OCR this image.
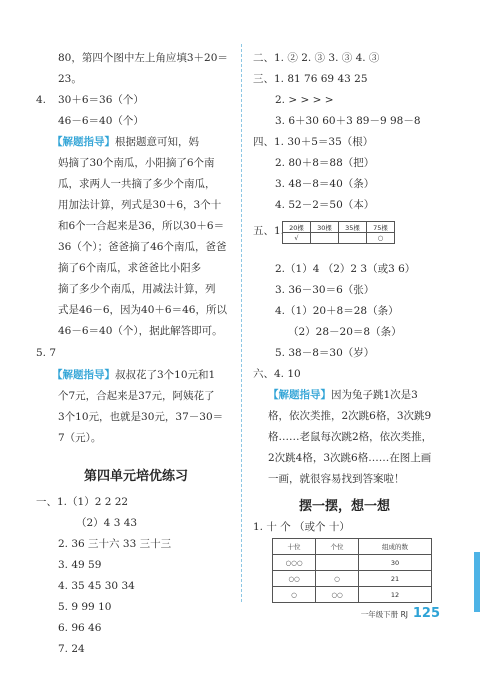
80，第四个图中左上角应填3＋20＝
23。
4. 30＋6＝36（个）
46－6＝40（个）
【解题指导】根据题意可知，妈
妈摘了30个南瓜，小阳摘了6个南
瓜，求两人一共摘了多少个南瓜，
用加法计算，列式是30＋6，3个十
和6个一合起来是36，所以30＋6＝
36（个）；爸爸摘了46个南瓜，爸爸
摘了6个南瓜，求爸爸比小阳多
摘了多少个南瓜，用减法计算，列
式是46－6，因为40＋6＝46，所以
46－6＝40（个），据此解答即可。
5. 7
【解题指导】叔叔花了3个10元和1
个7元，合起来是37元，阿姨花了
3个10元，也就是30元，37－30＝
7（元）。
第四单元培优练习
一、1.（1）2 2 22
（2）4 3 43
2. 36 三十六 33 三十三
3. 49 59
4. 35 45 30 34
5. 9 99 10
6. 96 46
7. 24
二、1. ② 2. ③ 3. ③ 4. ③
三、1. 81 76 69 43 25
2. > > > >
3. 6＋30 60＋3 89－9 98－8
四、1. 30＋5＝35（根）
2. 80＋8＝88（把）
3. 48－8＝40（条）
4. 52－2＝50（本）
五、1. 20棵	30棵	35棵	75棵
√			○
2.（1）4 （2）2 3（或3 6）
3. 36－30＝6（张）
4.（1）20＋8＝28（条）
（2）28－20＝8（条）
5. 38－8＝30（岁）
六、4. 10
【解题指导】因为兔子跳1次是3
格，依次类推，2次跳6格，3次跳9
格……老鼠每次跳2格，依次类推，
2次跳4格，3次跳6格……在图上画
一画，就很容易找到答案啦！
摆一摆，想一想
1. 十 个 （或个 十）
十位	个位	组成的数
○○○		30
○○	○	21
○	○○	12
一年级下册 RJ 125
